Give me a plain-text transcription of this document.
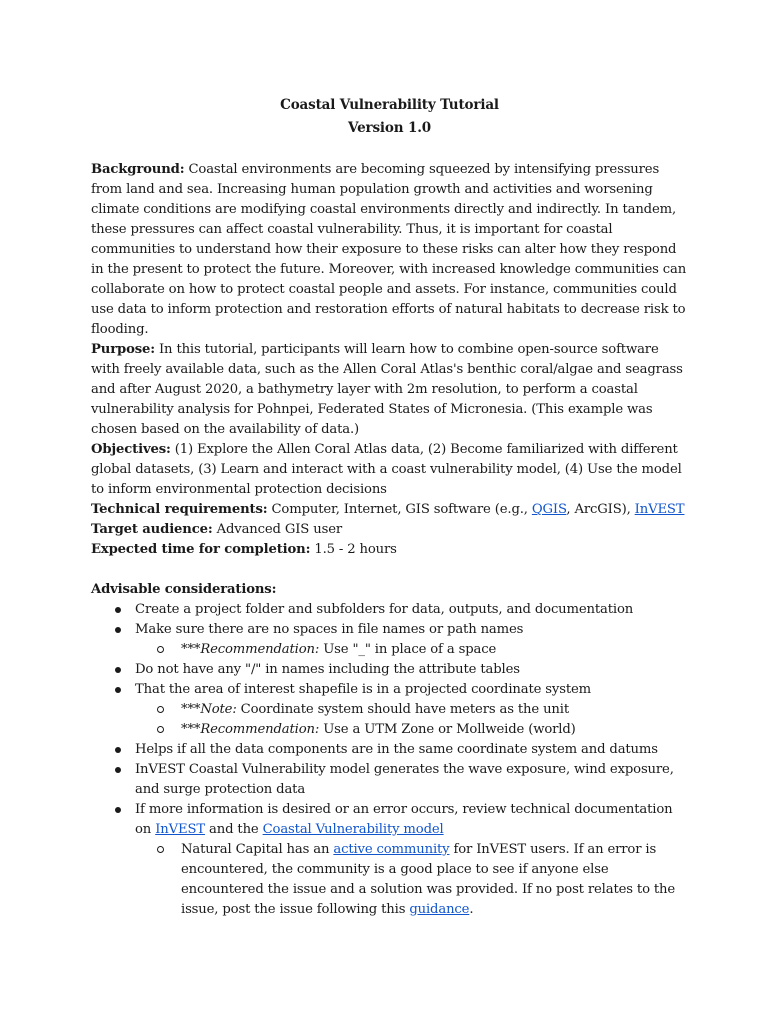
Coastal Vulnerability Tutorial
Version 1.0
Background: Coastal environments are becoming squeezed by intensifying pressures from land and sea. Increasing human population growth and activities and worsening climate conditions are modifying coastal environments directly and indirectly. In tandem, these pressures can affect coastal vulnerability. Thus, it is important for coastal communities to understand how their exposure to these risks can alter how they respond in the present to protect the future. Moreover, with increased knowledge communities can collaborate on how to protect coastal people and assets. For instance, communities could use data to inform protection and restoration efforts of natural habitats to decrease risk to flooding.
Purpose: In this tutorial, participants will learn how to combine open-source software with freely available data, such as the Allen Coral Atlas's benthic coral/algae and seagrass and after August 2020, a bathymetry layer with 2m resolution, to perform a coastal vulnerability analysis for Pohnpei, Federated States of Micronesia. (This example was chosen based on the availability of data.)
Objectives: (1) Explore the Allen Coral Atlas data, (2) Become familiarized with different global datasets, (3) Learn and interact with a coast vulnerability model, (4) Use the model to inform environmental protection decisions
Technical requirements: Computer, Internet, GIS software (e.g., QGIS, ArcGIS), InVEST
Target audience: Advanced GIS user
Expected time for completion: 1.5 - 2 hours
Advisable considerations:
Create a project folder and subfolders for data, outputs, and documentation
Make sure there are no spaces in file names or path names
***Recommendation: Use "_" in place of a space
Do not have any "/" in names including the attribute tables
That the area of interest shapefile is in a projected coordinate system
***Note: Coordinate system should have meters as the unit
***Recommendation: Use a UTM Zone or Mollweide (world)
Helps if all the data components are in the same coordinate system and datums
InVEST Coastal Vulnerability model generates the wave exposure, wind exposure, and surge protection data
If more information is desired or an error occurs, review technical documentation on InVEST and the Coastal Vulnerability model
Natural Capital has an active community for InVEST users. If an error is encountered, the community is a good place to see if anyone else encountered the issue and a solution was provided. If no post relates to the issue, post the issue following this guidance.
